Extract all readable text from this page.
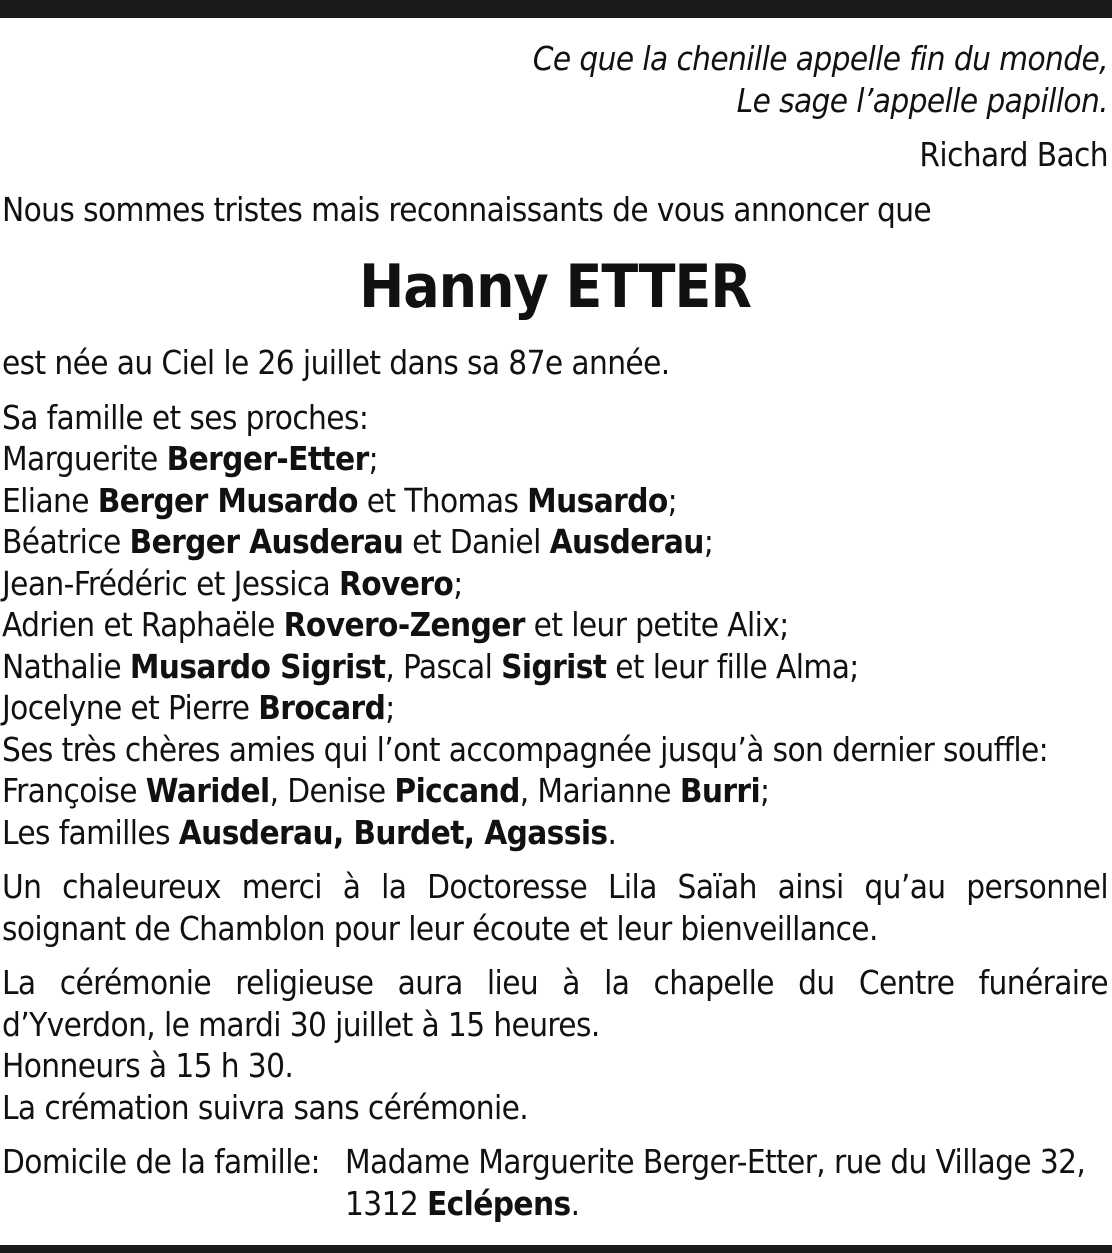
Ce que la chenille appelle fin du monde,
Le sage l’appelle papillon.

Richard Bach

Nous sommes tristes mais reconnaissants de vous annoncer que

Hanny ETTER

est née au Ciel le 26 juillet dans sa 87e année.

Sa famille et ses proches:
Marguerite Berger-Etter;
Eliane Berger Musardo et Thomas Musardo;
Béatrice Berger Ausderau et Daniel Ausderau;
Jean-Frédéric et Jessica Rovero;
Adrien et Raphaële Rovero-Zenger et leur petite Alix;
Nathalie Musardo Sigrist, Pascal Sigrist et leur fille Alma;
Jocelyne et Pierre Brocard;
Ses très chères amies qui l’ont accompagnée jusqu’à son dernier souffle:
Françoise Waridel, Denise Piccand, Marianne Burri;
Les familles Ausderau, Burdet, Agassis.

Un chaleureux merci à la Doctoresse Lila Saïah ainsi qu’au personnel soignant de Chamblon pour leur écoute et leur bienveillance.

La cérémonie religieuse aura lieu à la chapelle du Centre funéraire d’Yverdon, le mardi 30 juillet à 15 heures.
Honneurs à 15 h 30.
La crémation suivra sans cérémonie.
Domicile de la famille: Madame Marguerite Berger-Etter, rue du Village 32,
1312 Eclépens.
